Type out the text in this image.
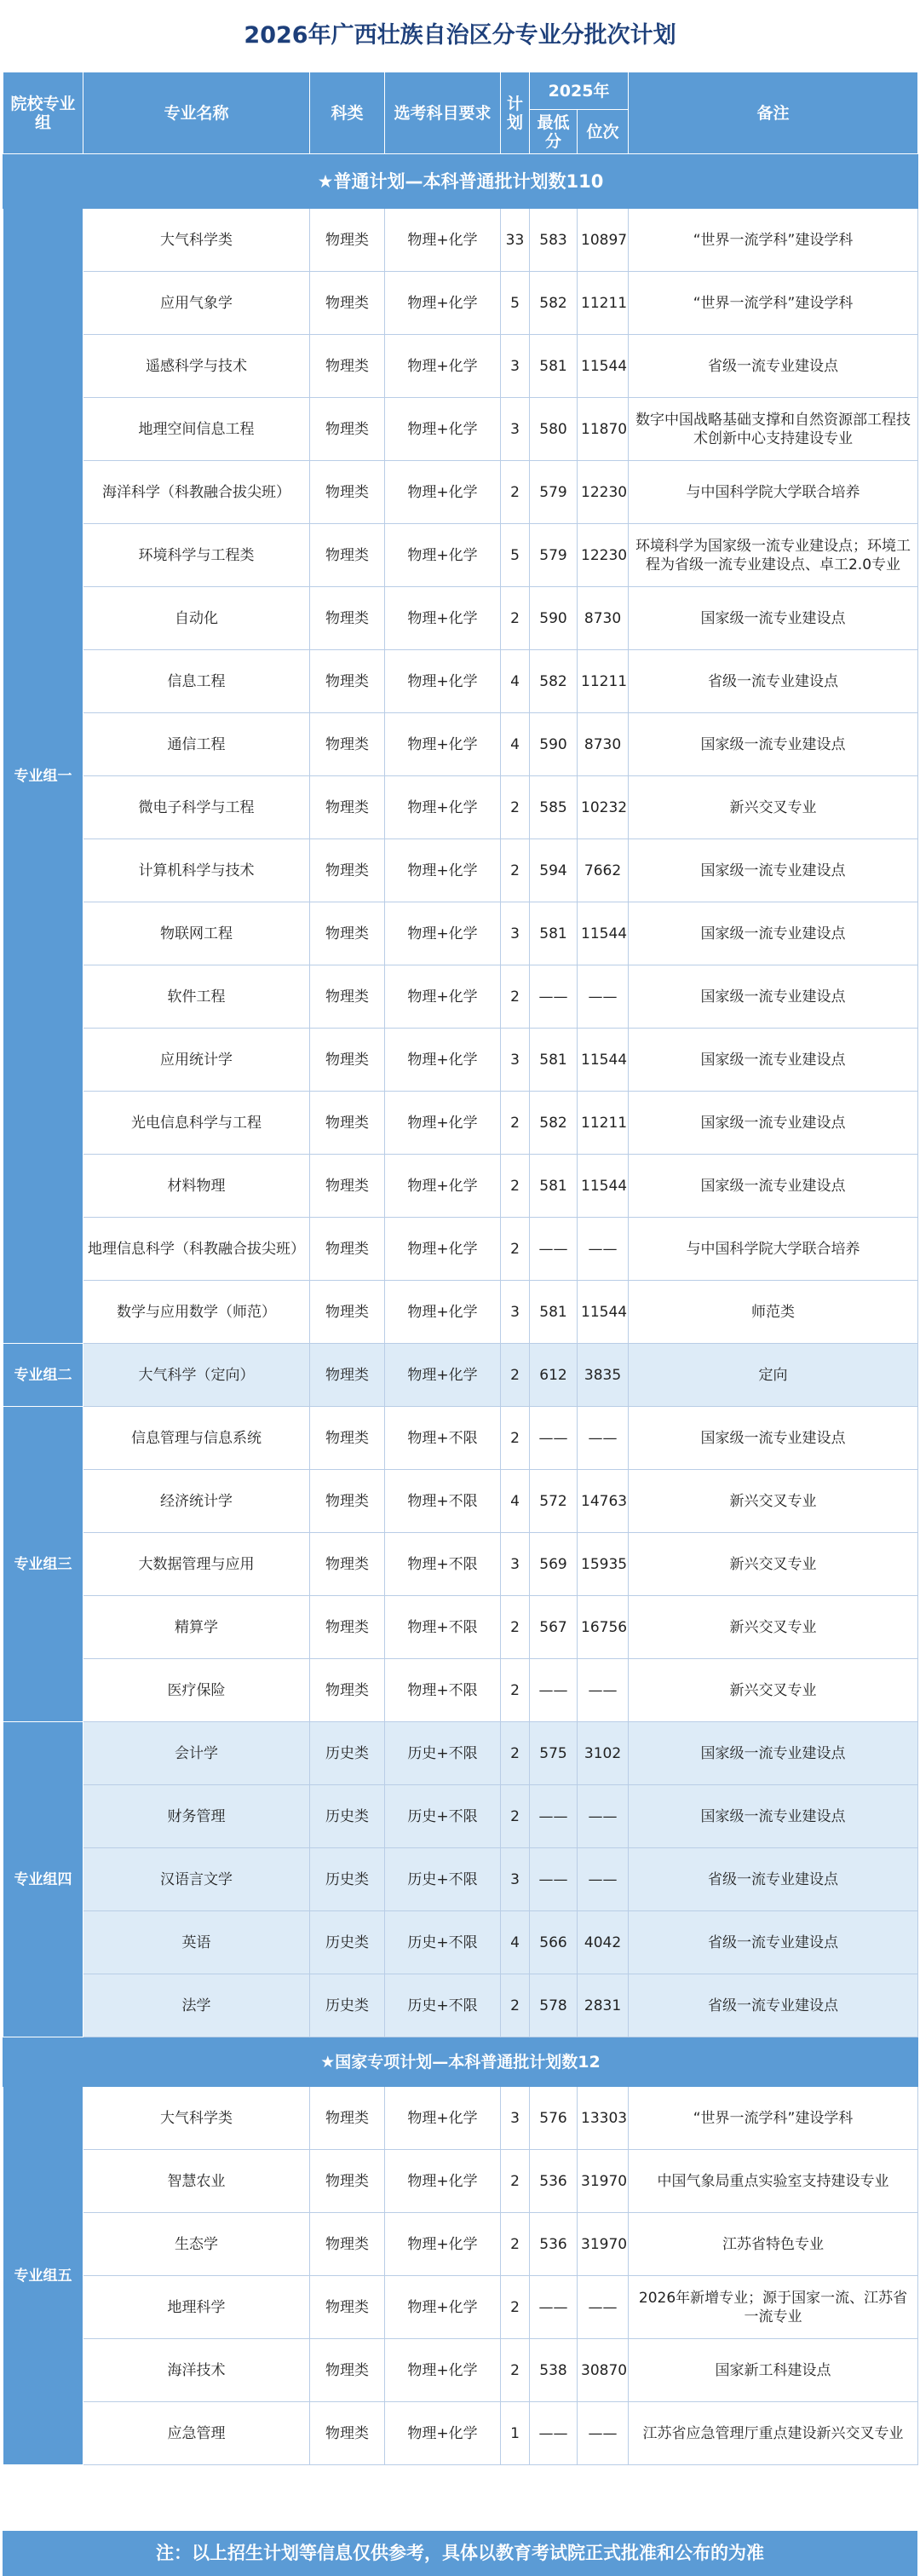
2026年广西壮族自治区分专业分批次计划
院校专业组	专业名称	科类	选考科目要求	计划	2025年		备注
					最低分	位次	
★普通计划—本科普通批计划数110							
专业组一	大气科学类	物理类	物理+化学	33	583	10897	“世界一流学科”建设学科
	应用气象学	物理类	物理+化学	5	582	11211	“世界一流学科”建设学科
	遥感科学与技术	物理类	物理+化学	3	581	11544	省级一流专业建设点
	地理空间信息工程	物理类	物理+化学	3	580	11870	数字中国战略基础支撑和自然资源部工程技术创新中心支持建设专业
	海洋科学（科教融合拔尖班）	物理类	物理+化学	2	579	12230	与中国科学院大学联合培养
	环境科学与工程类	物理类	物理+化学	5	579	12230	环境科学为国家级一流专业建设点；环境工程为省级一流专业建设点、卓工2.0专业
	自动化	物理类	物理+化学	2	590	8730	国家级一流专业建设点
	信息工程	物理类	物理+化学	4	582	11211	省级一流专业建设点
	通信工程	物理类	物理+化学	4	590	8730	国家级一流专业建设点
	微电子科学与工程	物理类	物理+化学	2	585	10232	新兴交叉专业
	计算机科学与技术	物理类	物理+化学	2	594	7662	国家级一流专业建设点
	物联网工程	物理类	物理+化学	3	581	11544	国家级一流专业建设点
	软件工程	物理类	物理+化学	2	——	——	国家级一流专业建设点
	应用统计学	物理类	物理+化学	3	581	11544	国家级一流专业建设点
	光电信息科学与工程	物理类	物理+化学	2	582	11211	国家级一流专业建设点
	材料物理	物理类	物理+化学	2	581	11544	国家级一流专业建设点
	地理信息科学（科教融合拔尖班）	物理类	物理+化学	2	——	——	与中国科学院大学联合培养
	数学与应用数学（师范）	物理类	物理+化学	3	581	11544	师范类
专业组二	大气科学（定向）	物理类	物理+化学	2	612	3835	定向
专业组三	信息管理与信息系统	物理类	物理+不限	2	——	——	国家级一流专业建设点
	经济统计学	物理类	物理+不限	4	572	14763	新兴交叉专业
	大数据管理与应用	物理类	物理+不限	3	569	15935	新兴交叉专业
	精算学	物理类	物理+不限	2	567	16756	新兴交叉专业
	医疗保险	物理类	物理+不限	2	——	——	新兴交叉专业
专业组四	会计学	历史类	历史+不限	2	575	3102	国家级一流专业建设点
	财务管理	历史类	历史+不限	2	——	——	国家级一流专业建设点
	汉语言文学	历史类	历史+不限	3	——	——	省级一流专业建设点
	英语	历史类	历史+不限	4	566	4042	省级一流专业建设点
	法学	历史类	历史+不限	2	578	2831	省级一流专业建设点
★国家专项计划—本科普通批计划数12							
专业组五	大气科学类	物理类	物理+化学	3	576	13303	“世界一流学科”建设学科
	智慧农业	物理类	物理+化学	2	536	31970	中国气象局重点实验室支持建设专业
	生态学	物理类	物理+化学	2	536	31970	江苏省特色专业
	地理科学	物理类	物理+化学	2	——	——	2026年新增专业；源于国家一流、江苏省一流专业
	海洋技术	物理类	物理+化学	2	538	30870	国家新工科建设点
	应急管理	物理类	物理+化学	1	——	——	江苏省应急管理厅重点建设新兴交叉专业
注：以上招生计划等信息仅供参考，具体以教育考试院正式批准和公布的为准
